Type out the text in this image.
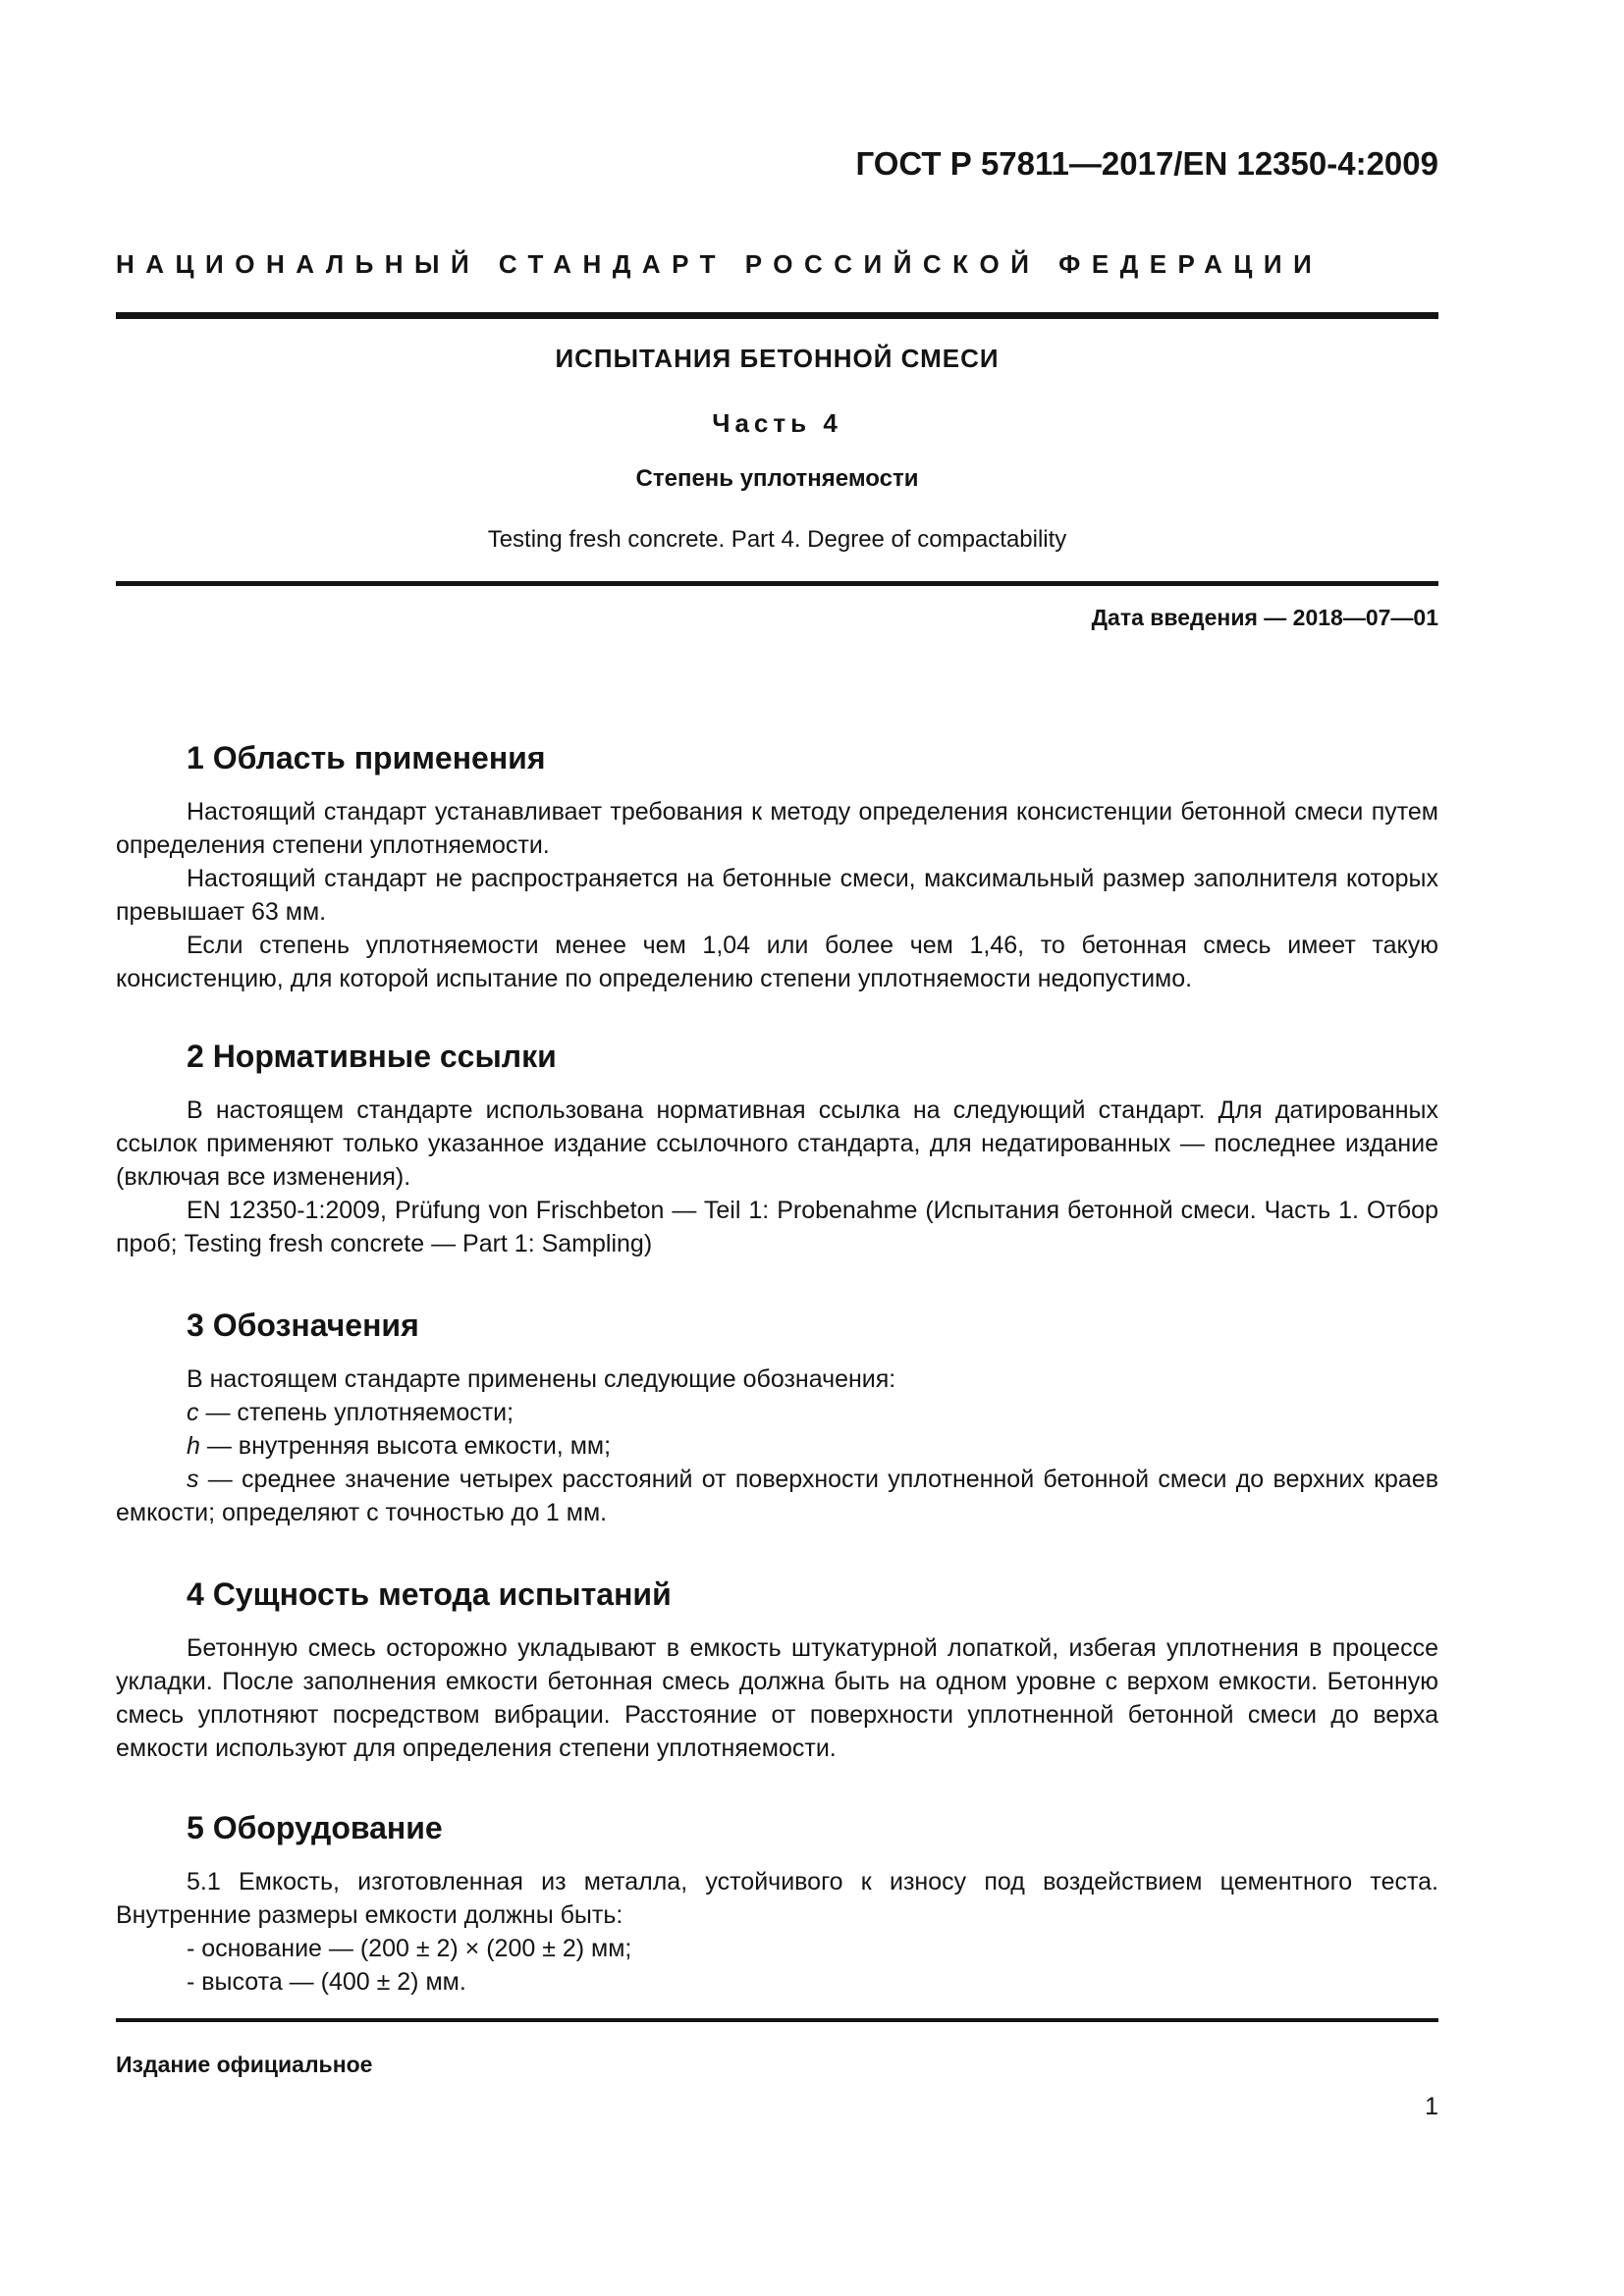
ГОСТ Р 57811—2017/EN 12350-4:2009
НАЦИОНАЛЬНЫЙ СТАНДАРТ РОССИЙСКОЙ ФЕДЕРАЦИИ
ИСПЫТАНИЯ БЕТОННОЙ СМЕСИ
Часть 4
Степень уплотняемости
Testing fresh concrete. Part 4. Degree of compactability
Дата введения — 2018—07—01
1 Область применения

Настоящий стандарт устанавливает требования к методу определения консистенции бетонной смеси путем определения степени уплотняемости.

Настоящий стандарт не распространяется на бетонные смеси, максимальный размер заполнителя которых превышает 63 мм.

Если степень уплотняемости менее чем 1,04 или более чем 1,46, то бетонная смесь имеет такую консистенцию, для которой испытание по определению степени уплотняемости недопустимо.

2 Нормативные ссылки

В настоящем стандарте использована нормативная ссылка на следующий стандарт. Для датированных ссылок применяют только указанное издание ссылочного стандарта, для недатированных — последнее издание (включая все изменения).

EN 12350-1:2009, Prüfung von Frischbeton — Teil 1: Probenahme (Испытания бетонной смеси. Часть 1. Отбор проб; Testing fresh concrete — Part 1: Sampling)

3 Обозначения

В настоящем стандарте применены следующие обозначения:

c — степень уплотняемости;

h — внутренняя высота емкости, мм;

s — среднее значение четырех расстояний от поверхности уплотненной бетонной смеси до верхних краев емкости; определяют с точностью до 1 мм.

4 Сущность метода испытаний

Бетонную смесь осторожно укладывают в емкость штукатурной лопаткой, избегая уплотнения в процессе укладки. После заполнения емкости бетонная смесь должна быть на одном уровне с верхом емкости. Бетонную смесь уплотняют посредством вибрации. Расстояние от поверхности уплотненной бетонной смеси до верха емкости используют для определения степени уплотняемости.

5 Оборудование

5.1 Емкость, изготовленная из металла, устойчивого к износу под воздействием цементного теста. Внутренние размеры емкости должны быть:

- основание — (200 ± 2) × (200 ± 2) мм;

- высота — (400 ± 2) мм.

Издание официальное
1
